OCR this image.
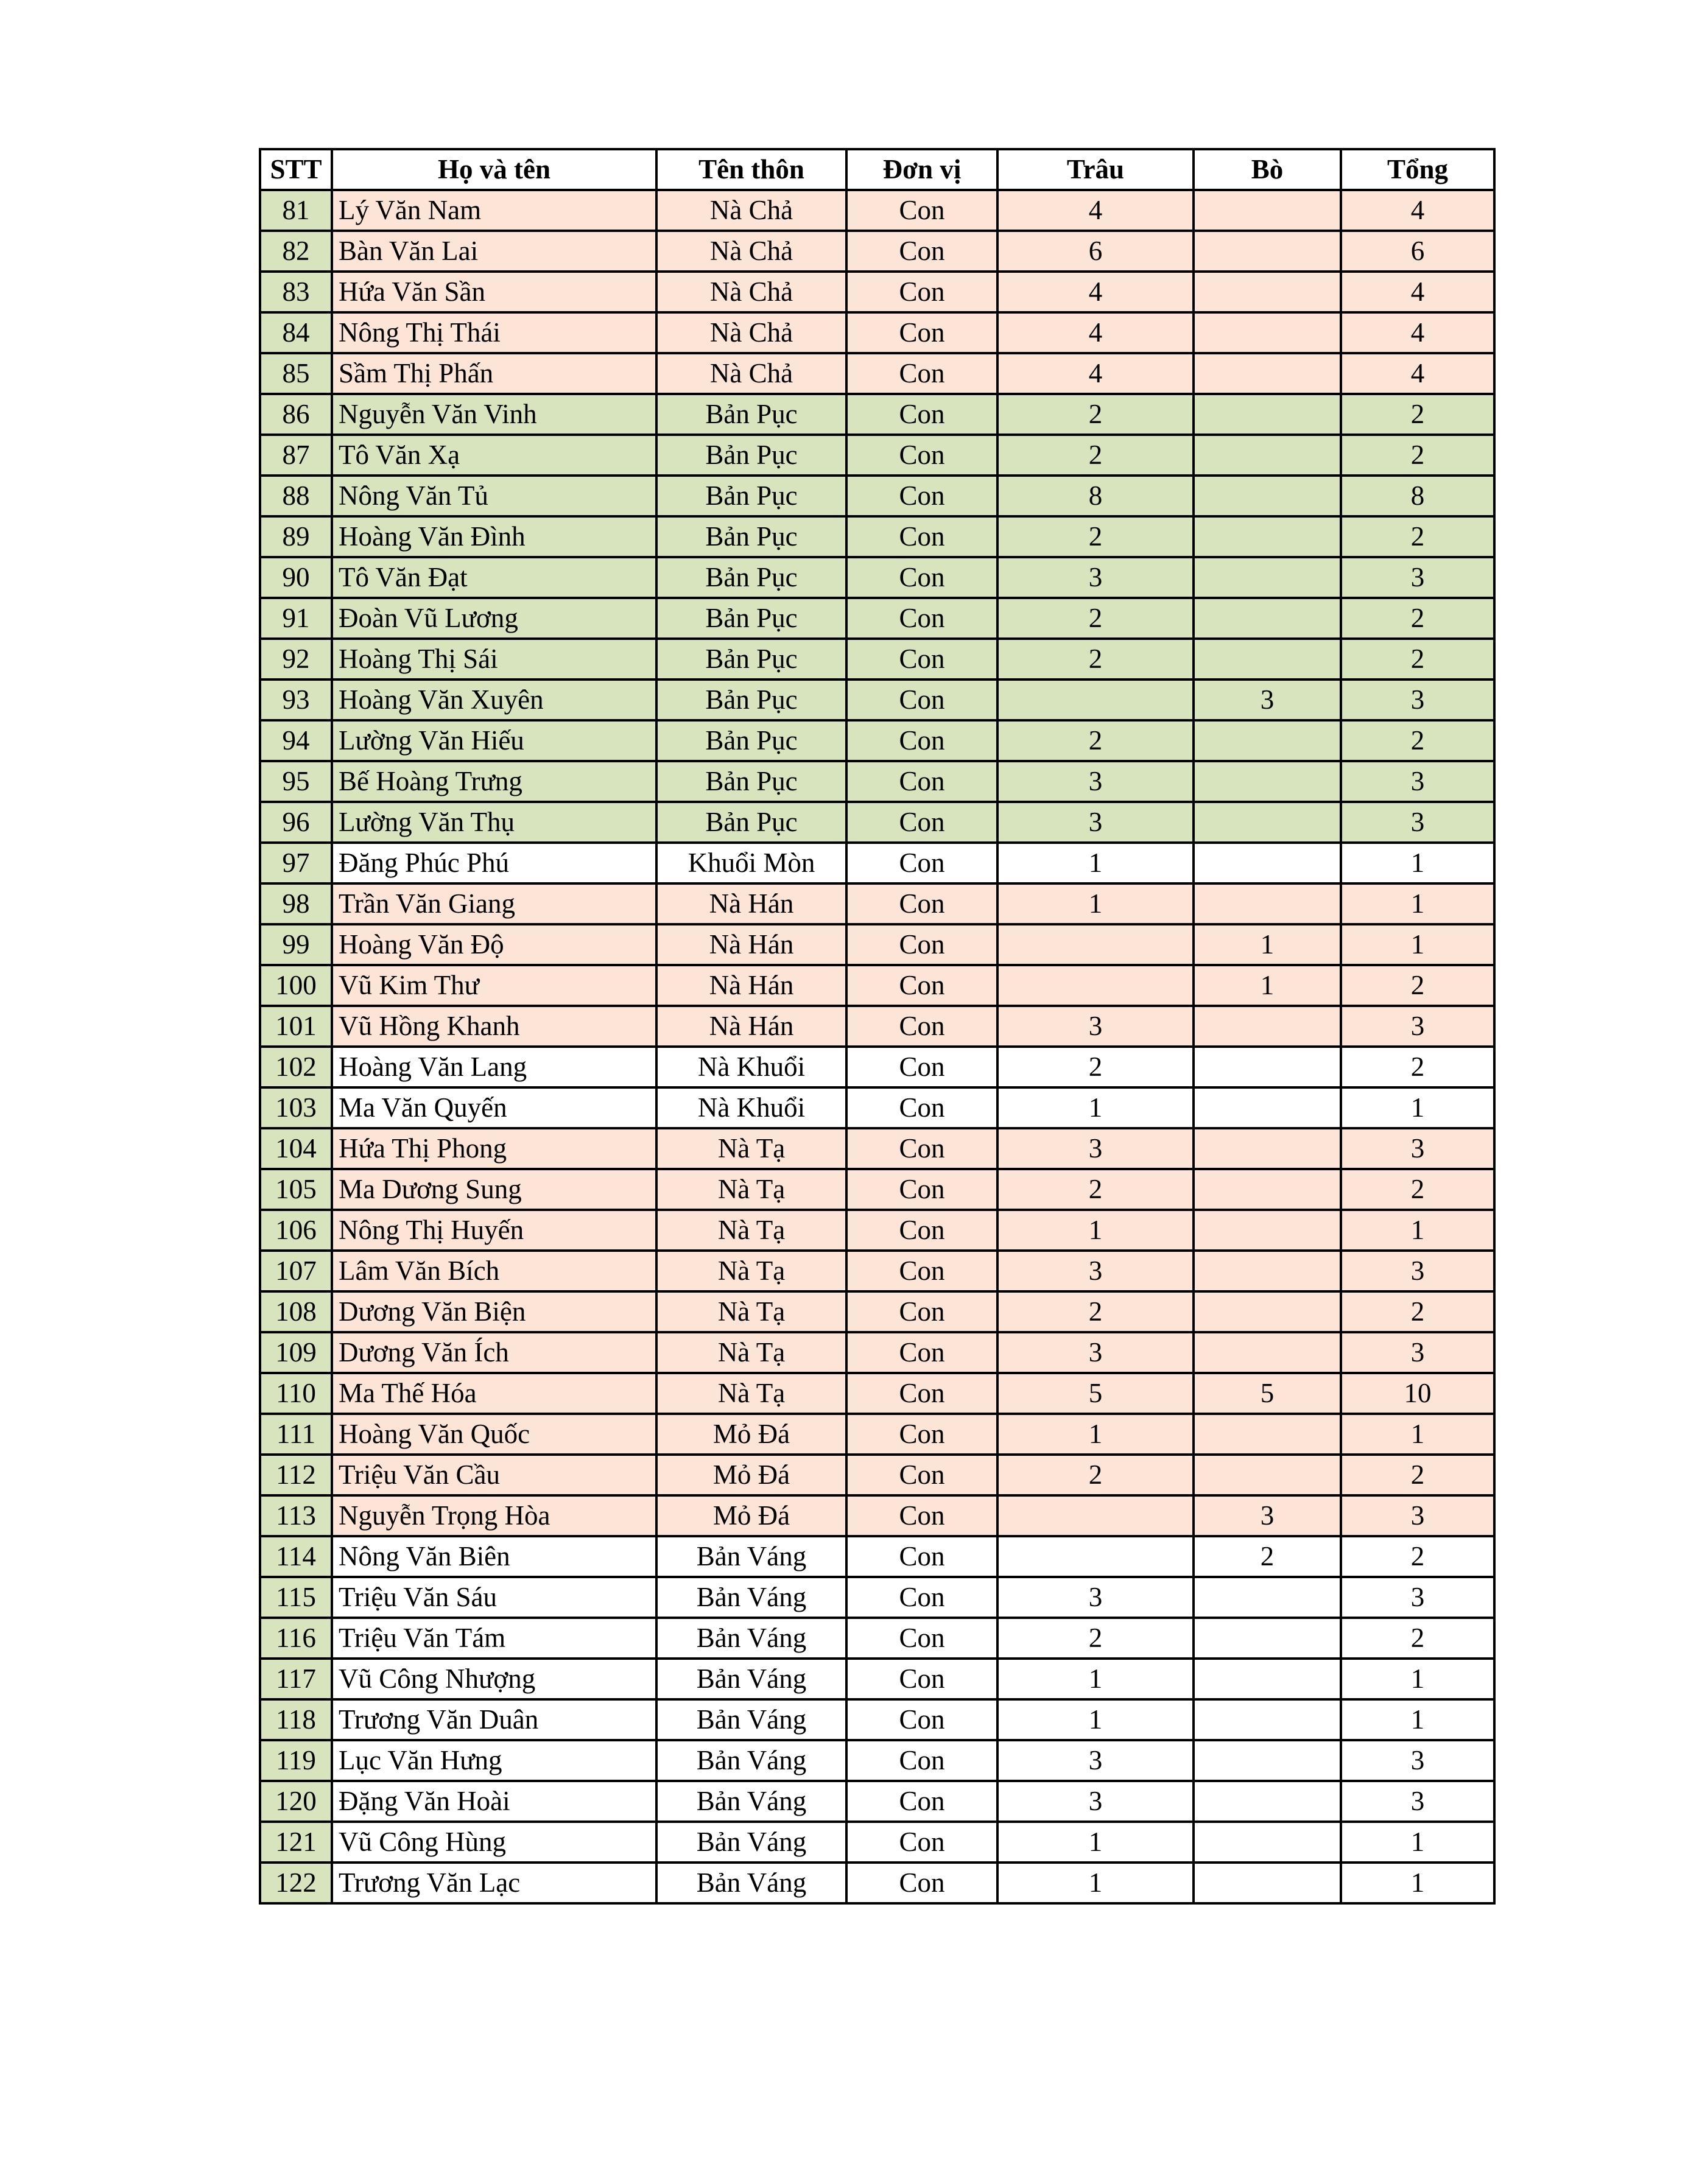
STT	Họ và tên	Tên thôn	Đơn vị	Trâu	Bò	Tổng
81	Lý Văn Nam	Nà Chả	Con	4		4
82	Bàn Văn Lai	Nà Chả	Con	6		6
83	Hứa Văn Sần	Nà Chả	Con	4		4
84	Nông Thị Thái	Nà Chả	Con	4		4
85	Sầm Thị Phấn	Nà Chả	Con	4		4
86	Nguyễn Văn Vinh	Bản Pục	Con	2		2
87	Tô Văn Xạ	Bản Pục	Con	2		2
88	Nông Văn Tủ	Bản Pục	Con	8		8
89	Hoàng Văn Đình	Bản Pục	Con	2		2
90	Tô Văn Đạt	Bản Pục	Con	3		3
91	Đoàn Vũ Lương	Bản Pục	Con	2		2
92	Hoàng Thị Sái	Bản Pục	Con	2		2
93	Hoàng Văn Xuyên	Bản Pục	Con		3	3
94	Lường Văn Hiếu	Bản Pục	Con	2		2
95	Bế Hoàng Trưng	Bản Pục	Con	3		3
96	Lường Văn Thụ	Bản Pục	Con	3		3
97	Đăng Phúc Phú	Khuổi Mòn	Con	1		1
98	Trần Văn Giang	Nà Hán	Con	1		1
99	Hoàng Văn Độ	Nà Hán	Con		1	1
100	Vũ Kim Thư	Nà Hán	Con		1	2
101	Vũ Hồng Khanh	Nà Hán	Con	3		3
102	Hoàng Văn Lang	Nà Khuổi	Con	2		2
103	Ma Văn Quyến	Nà Khuổi	Con	1		1
104	Hứa Thị Phong	Nà Tạ	Con	3		3
105	Ma Dương Sung	Nà Tạ	Con	2		2
106	Nông Thị Huyến	Nà Tạ	Con	1		1
107	Lâm Văn Bích	Nà Tạ	Con	3		3
108	Dương Văn Biện	Nà Tạ	Con	2		2
109	Dương Văn Ích	Nà Tạ	Con	3		3
110	Ma Thế Hóa	Nà Tạ	Con	5	5	10
111	Hoàng Văn Quốc	Mỏ Đá	Con	1		1
112	Triệu Văn Cầu	Mỏ Đá	Con	2		2
113	Nguyễn Trọng Hòa	Mỏ Đá	Con		3	3
114	Nông Văn Biên	Bản Váng	Con		2	2
115	Triệu Văn Sáu	Bản Váng	Con	3		3
116	Triệu Văn Tám	Bản Váng	Con	2		2
117	Vũ Công Nhượng	Bản Váng	Con	1		1
118	Trương Văn Duân	Bản Váng	Con	1		1
119	Lục Văn Hưng	Bản Váng	Con	3		3
120	Đặng Văn Hoài	Bản Váng	Con	3		3
121	Vũ Công Hùng	Bản Váng	Con	1		1
122	Trương Văn Lạc	Bản Váng	Con	1		1
